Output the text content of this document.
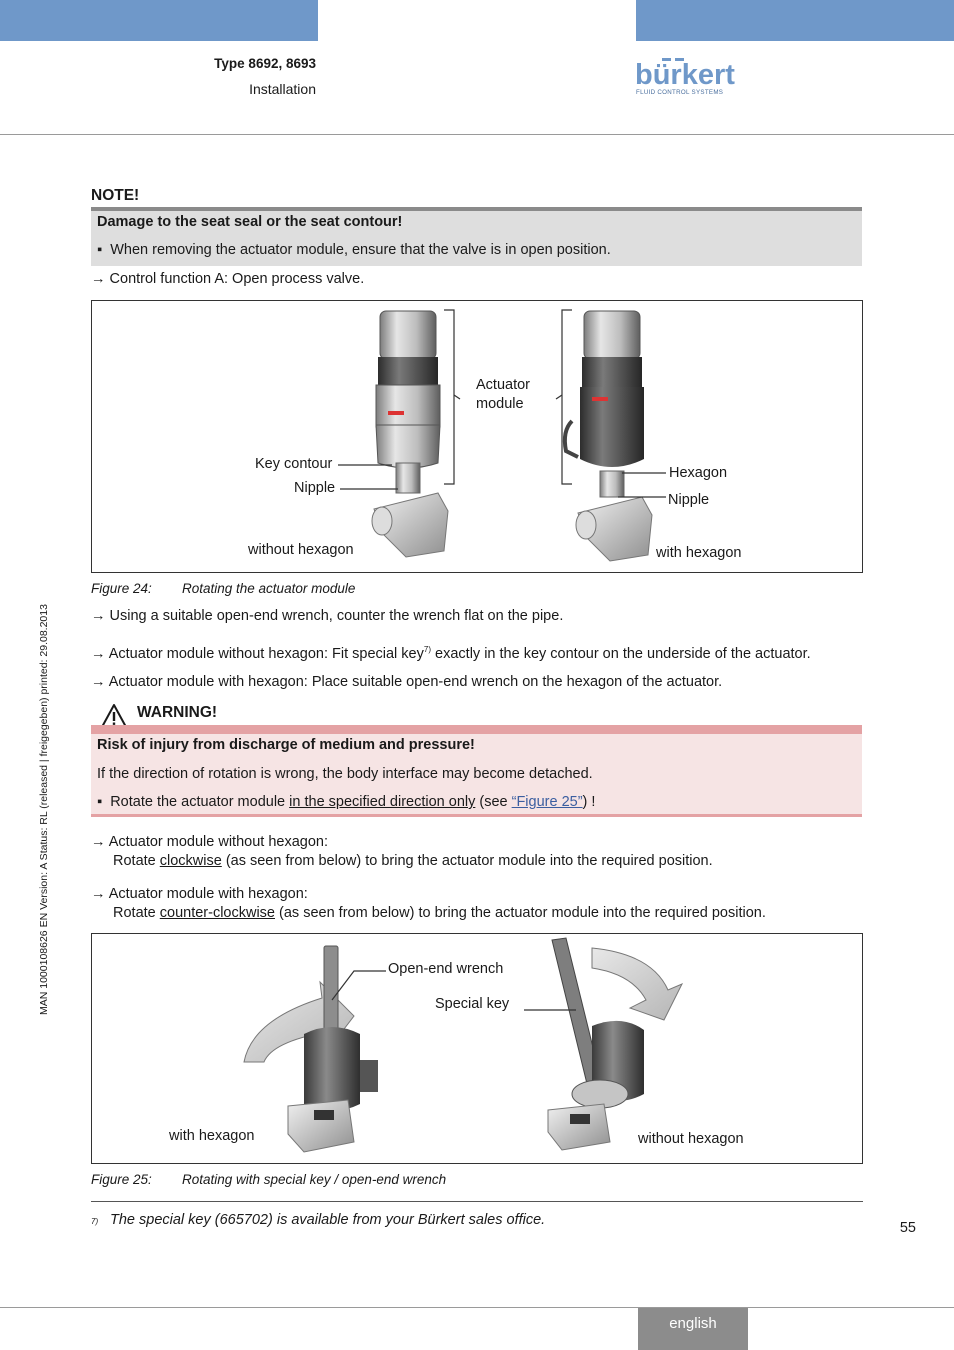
Type 8692, 8693
Installation	bürkert
FLUID CONTROL SYSTEMS
MAN 1000108626 EN Version: A Status: RL (released | freigegeben) printed: 29.08.2013
NOTE!
Damage to the seat seal or the seat contour!
▪  When removing the actuator module, ensure that the valve is in open position.
→ Control function A: Open process valve.
Actuator
module
Key contour
Nipple
without hexagon
Hexagon
Nipple
with hexagon
Figure 24: Rotating the actuator module
→ Using a suitable open-end wrench, counter the wrench flat on the pipe.
→ Actuator module without hexagon: Fit special key$^{7)}$ exactly in the key contour on the underside of the actuator.
→ Actuator module with hexagon: Place suitable open-end wrench on the hexagon of the actuator.
WARNING!
Risk of injury from discharge of medium and pressure!
If the direction of rotation is wrong, the body interface may become detached.
▪  Rotate the actuator module in the specified direction only (see “Figure 25”) !
→ Actuator module without hexagon:
Rotate clockwise (as seen from below) to bring the actuator module into the required position.
→ Actuator module with hexagon:
Rotate counter-clockwise (as seen from below) to bring the actuator module into the required position.
Open-end wrench
Special key
with hexagon	without hexagon
Figure 25: Rotating with special key / open-end wrench
7) The special key (665702) is available from your Bürkert sales office.	55
english
